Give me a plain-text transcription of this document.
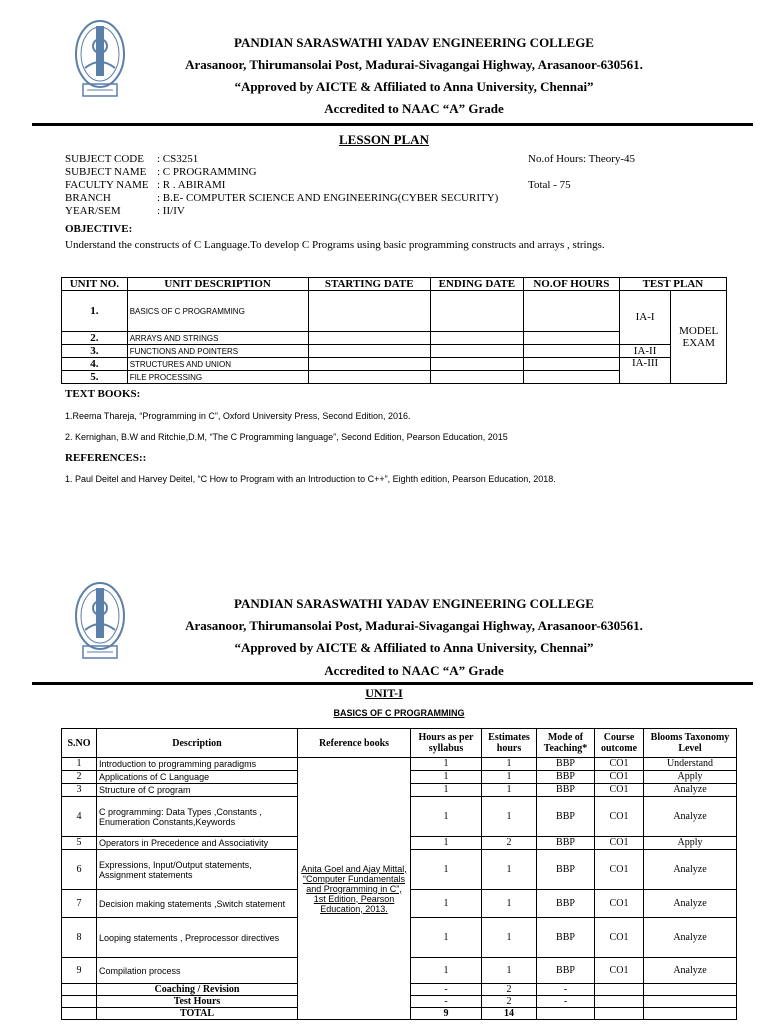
PANDIAN SARASWATHI YADAV ENGINEERING COLLEGE
Arasanoor, Thirumansolai Post, Madurai-Sivagangai Highway, Arasanoor-630561.
“Approved by AICTE & Affiliated to Anna University, Chennai”
Accredited to NAAC “A” Grade
LESSON PLAN
SUBJECT CODE : CS3251
SUBJECT NAME : C PROGRAMMING
FACULTY NAME : R . ABIRAMI
BRANCH	: B.E- COMPUTER SCIENCE AND ENGINEERING(CYBER SECURITY)
YEAR/SEM	: II/IV
No.of Hours: Theory-45
Total - 75
OBJECTIVE:
Understand the constructs of C Language.To develop C Programs using basic programming constructs and arrays , strings.
UNIT NO.	UNIT DESCRIPTION	STARTING DATE	ENDING DATE	NO.OF HOURS	TEST PLAN	
1.	BASICS OF C PROGRAMMING				IA-I	MODEL EXAM
2.	ARRAYS AND STRINGS					
3.	FUNCTIONS AND POINTERS				IA-II	
4.	STRUCTURES AND UNION				IA-III	
5.	FILE PROCESSING					
TEXT BOOKS:
1.Reema Thareja, “Programming in C”, Oxford University Press, Second Edition, 2016.
2. Kernighan, B.W and Ritchie,D.M, “The C Programming language”, Second Edition, Pearson Education, 2015
REFERENCES::
1. Paul Deitel and Harvey Deitel, “C How to Program with an Introduction to C++”, Eighth edition, Pearson Education, 2018.
PANDIAN SARASWATHI YADAV ENGINEERING COLLEGE
Arasanoor, Thirumansolai Post, Madurai-Sivagangai Highway, Arasanoor-630561.
“Approved by AICTE & Affiliated to Anna University, Chennai”
Accredited to NAAC “A” Grade
UNIT-I
BASICS OF C PROGRAMMING
S.NO	Description	Reference books	Hours as per syllabus	Estimates hours	Mode of Teaching*	Course outcome	Blooms Taxonomy Level
1	Introduction to programming paradigms	Anita Goel and Ajay Mittal, “Computer Fundamentals and Programming in C”, 1st Edition, Pearson Education, 2013.	1	1	BBP	CO1	Understand
2	Applications of C Language		1	1	BBP	CO1	Apply
3	Structure of C program		1	1	BBP	CO1	Analyze
4	C programming: Data Types ,Constants , Enumeration Constants,Keywords		1	1	BBP	CO1	Analyze
5	Operators in Precedence and Associativity		1	2	BBP	CO1	Apply
6	Expressions, Input/Output statements, Assignment statements		1	1	BBP	CO1	Analyze
7	Decision making statements ,Switch statement		1	1	BBP	CO1	Analyze
8	Looping statements , Preprocessor directives		1	1	BBP	CO1	Analyze
9	Compilation process		1	1	BBP	CO1	Analyze
	Coaching / Revision		-	2	-		
	Test Hours		-	2	-		
	TOTAL		9	14			
